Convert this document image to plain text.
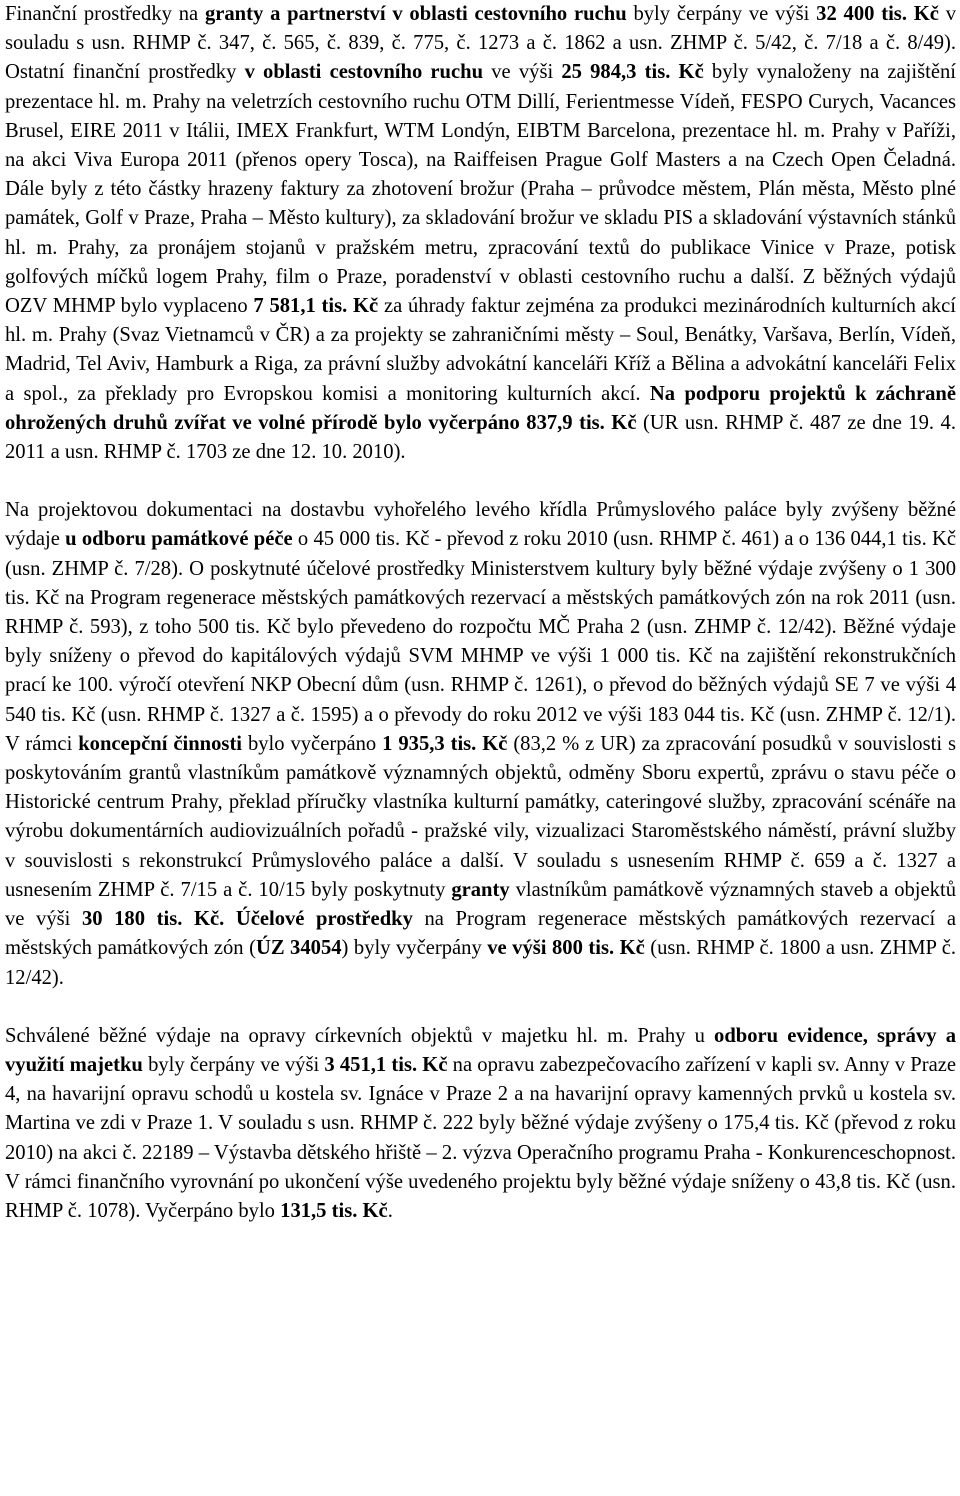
Finanční prostředky na granty a partnerství v oblasti cestovního ruchu byly čerpány ve výši 32 400 tis. Kč v souladu s usn. RHMP č. 347, č. 565, č. 839, č. 775, č. 1273 a č. 1862 a usn. ZHMP č. 5/42, č. 7/18 a č. 8/49). Ostatní finanční prostředky v oblasti cestovního ruchu ve výši 25 984,3 tis. Kč byly vynaloženy na zajištění prezentace hl. m. Prahy na veletrzích cestovního ruchu OTM Dillí, Ferientmesse Vídeň, FESPO Curych, Vacances Brusel, EIRE 2011 v Itálii, IMEX Frankfurt, WTM Londýn, EIBTM Barcelona, prezentace hl. m. Prahy v Paříži, na akci Viva Europa 2011 (přenos opery Tosca), na Raiffeisen Prague Golf Masters a na Czech Open Čeladná. Dále byly z této částky hrazeny faktury za zhotovení brožur (Praha – průvodce městem, Plán města, Město plné památek, Golf v Praze, Praha – Město kultury), za skladování brožur ve skladu PIS a skladování výstavních stánků hl. m. Prahy, za pronájem stojanů v pražském metru, zpracování textů do publikace Vinice v Praze, potisk golfových míčků logem Prahy, film o Praze, poradenství v oblasti cestovního ruchu a další. Z běžných výdajů OZV MHMP bylo vyplaceno 7 581,1 tis. Kč za úhrady faktur zejména za produkci mezinárodních kulturních akcí hl. m. Prahy (Svaz Vietnamců v ČR) a za projekty se zahraničními městy – Soul, Benátky, Varšava, Berlín, Vídeň, Madrid, Tel Aviv, Hamburk a Riga, za právní služby advokátní kanceláři Kříž a Bělina a advokátní kanceláři Felix a spol., za překlady pro Evropskou komisi a monitoring kulturních akcí. Na podporu projektů k záchraně ohrožených druhů zvířat ve volné přírodě bylo vyčerpáno 837,9 tis. Kč (UR usn. RHMP č. 487 ze dne 19. 4. 2011 a usn. RHMP č. 1703 ze dne 12. 10. 2010).

Na projektovou dokumentaci na dostavbu vyhořelého levého křídla Průmyslového paláce byly zvýšeny běžné výdaje u odboru památkové péče o 45 000 tis. Kč - převod z roku 2010 (usn. RHMP č. 461) a o 136 044,1 tis. Kč (usn. ZHMP č. 7/28). O poskytnuté účelové prostředky Ministerstvem kultury byly běžné výdaje zvýšeny o 1 300 tis. Kč na Program regenerace městských památkových rezervací a městských památkových zón na rok 2011 (usn. RHMP č. 593), z toho 500 tis. Kč bylo převedeno do rozpočtu MČ Praha 2 (usn. ZHMP č. 12/42). Běžné výdaje byly sníženy o převod do kapitálových výdajů SVM MHMP ve výši 1 000 tis. Kč na zajištění rekonstrukčních prací ke 100. výročí otevření NKP Obecní dům (usn. RHMP č. 1261), o převod do běžných výdajů SE 7 ve výši 4 540 tis. Kč (usn. RHMP č. 1327 a č. 1595) a o převody do roku 2012 ve výši 183 044 tis. Kč (usn. ZHMP č. 12/1). V rámci koncepční činnosti bylo vyčerpáno 1 935,3 tis. Kč (83,2 % z UR) za zpracování posudků v souvislosti s poskytováním grantů vlastníkům památkově významných objektů, odměny Sboru expertů, zprávu o stavu péče o Historické centrum Prahy, překlad příručky vlastníka kulturní památky, cateringové služby, zpracování scénáře na výrobu dokumentárních audiovizuálních pořadů - pražské vily, vizualizaci Staroměstského náměstí, právní služby v souvislosti s rekonstrukcí Průmyslového paláce a další. V souladu s usnesením RHMP č. 659 a č. 1327 a usnesením ZHMP č. 7/15 a č. 10/15 byly poskytnuty granty vlastníkům památkově významných staveb a objektů ve výši 30 180 tis. Kč. Účelové prostředky na Program regenerace městských památkových rezervací a městských památkových zón (ÚZ 34054) byly vyčerpány ve výši 800 tis. Kč (usn. RHMP č. 1800 a usn. ZHMP č. 12/42).

Schválené běžné výdaje na opravy církevních objektů v majetku hl. m. Prahy u odboru evidence, správy a využití majetku byly čerpány ve výši 3 451,1 tis. Kč na opravu zabezpečovacího zařízení v kapli sv. Anny v Praze 4, na havarijní opravu schodů u kostela sv. Ignáce v Praze 2 a na havarijní opravy kamenných prvků u kostela sv. Martina ve zdi v Praze 1. V souladu s usn. RHMP č. 222 byly běžné výdaje zvýšeny o 175,4 tis. Kč (převod z roku 2010) na akci č. 22189 – Výstavba dětského hřiště – 2. výzva Operačního programu Praha - Konkurenceschopnost. V rámci finančního vyrovnání po ukončení výše uvedeného projektu byly běžné výdaje sníženy o 43,8 tis. Kč (usn. RHMP č. 1078). Vyčerpáno bylo 131,5 tis. Kč.
